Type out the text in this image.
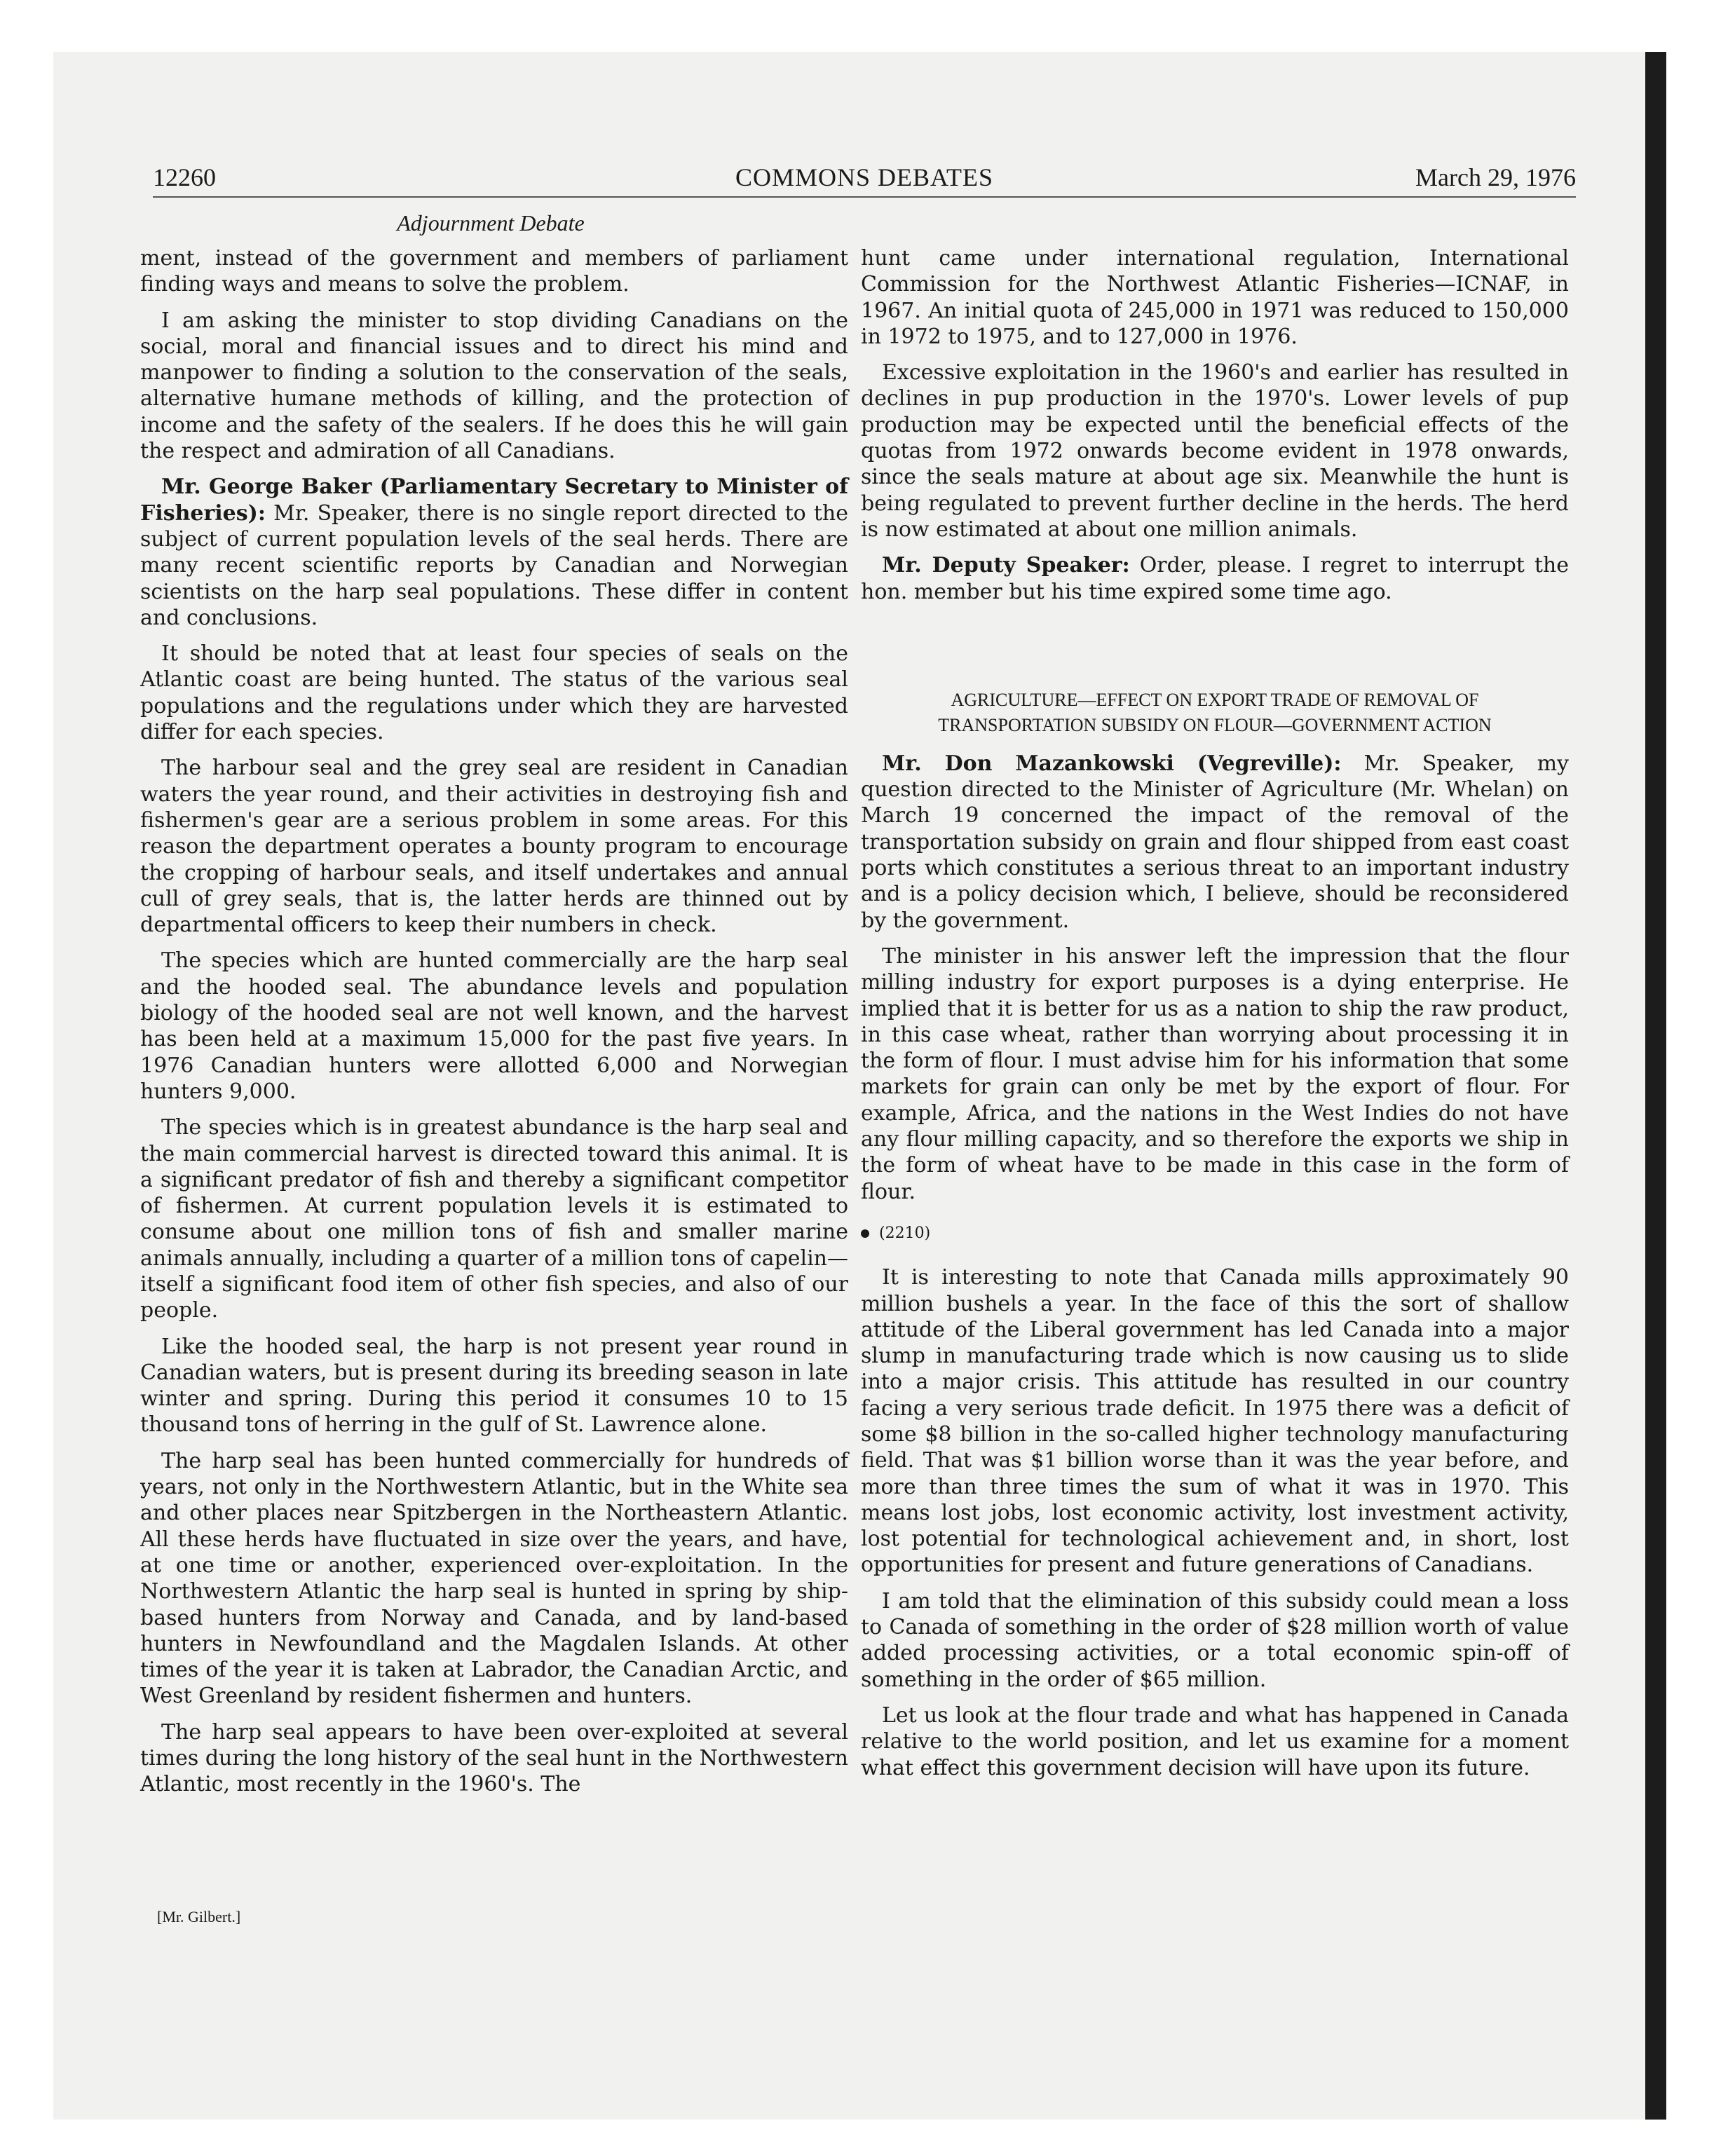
12260	COMMONS DEBATES	March 29, 1976
Adjournment Debate

ment, instead of the government and members of parliament finding ways and means to solve the problem.

I am asking the minister to stop dividing Canadians on the social, moral and financial issues and to direct his mind and manpower to finding a solution to the conservation of the seals, alternative humane methods of killing, and the protection of income and the safety of the sealers. If he does this he will gain the respect and admiration of all Canadians.

Mr. George Baker (Parliamentary Secretary to Minister of Fisheries): Mr. Speaker, there is no single report directed to the subject of current population levels of the seal herds. There are many recent scientific reports by Canadian and Norwegian scientists on the harp seal populations. These differ in content and conclusions.

It should be noted that at least four species of seals on the Atlantic coast are being hunted. The status of the various seal populations and the regulations under which they are harvested differ for each species.

The harbour seal and the grey seal are resident in Canadian waters the year round, and their activities in destroying fish and fishermen's gear are a serious problem in some areas. For this reason the department operates a bounty program to encourage the cropping of harbour seals, and itself undertakes and annual cull of grey seals, that is, the latter herds are thinned out by departmental officers to keep their numbers in check.

The species which are hunted commercially are the harp seal and the hooded seal. The abundance levels and population biology of the hooded seal are not well known, and the harvest has been held at a maximum 15,000 for the past five years. In 1976 Canadian hunters were allotted 6,000 and Norwegian hunters 9,000.

The species which is in greatest abundance is the harp seal and the main commercial harvest is directed toward this animal. It is a significant predator of fish and thereby a significant competitor of fishermen. At current population levels it is estimated to consume about one million tons of fish and smaller marine animals annually, including a quarter of a million tons of capelin—itself a significant food item of other fish species, and also of our people.

Like the hooded seal, the harp is not present year round in Canadian waters, but is present during its breeding season in late winter and spring. During this period it consumes 10 to 15 thousand tons of herring in the gulf of St. Lawrence alone.

The harp seal has been hunted commercially for hundreds of years, not only in the Northwestern Atlantic, but in the White sea and other places near Spitzbergen in the Northeastern Atlantic. All these herds have fluctuated in size over the years, and have, at one time or another, experienced over-exploitation. In the Northwestern Atlantic the harp seal is hunted in spring by ship-based hunters from Norway and Canada, and by land-based hunters in Newfoundland and the Magdalen Islands. At other times of the year it is taken at Labrador, the Canadian Arctic, and West Greenland by resident fishermen and hunters.

The harp seal appears to have been over-exploited at several times during the long history of the seal hunt in the Northwestern Atlantic, most recently in the 1960's. The

hunt came under international regulation, International Commission for the Northwest Atlantic Fisheries—ICNAF, in 1967. An initial quota of 245,000 in 1971 was reduced to 150,000 in 1972 to 1975, and to 127,000 in 1976.

Excessive exploitation in the 1960's and earlier has resulted in declines in pup production in the 1970's. Lower levels of pup production may be expected until the beneficial effects of the quotas from 1972 onwards become evident in 1978 onwards, since the seals mature at about age six. Meanwhile the hunt is being regulated to prevent further decline in the herds. The herd is now estimated at about one million animals.

Mr. Deputy Speaker: Order, please. I regret to interrupt the hon. member but his time expired some time ago.

AGRICULTURE—EFFECT ON EXPORT TRADE OF REMOVAL OF TRANSPORTATION SUBSIDY ON FLOUR—GOVERNMENT ACTION

Mr. Don Mazankowski (Vegreville): Mr. Speaker, my question directed to the Minister of Agriculture (Mr. Whelan) on March 19 concerned the impact of the removal of the transportation subsidy on grain and flour shipped from east coast ports which constitutes a serious threat to an important industry and is a policy decision which, I believe, should be reconsidered by the government.

The minister in his answer left the impression that the flour milling industry for export purposes is a dying enterprise. He implied that it is better for us as a nation to ship the raw product, in this case wheat, rather than worrying about processing it in the form of flour. I must advise him for his information that some markets for grain can only be met by the export of flour. For example, Africa, and the nations in the West Indies do not have any flour milling capacity, and so therefore the exports we ship in the form of wheat have to be made in this case in the form of flour.

(2210)

It is interesting to note that Canada mills approximately 90 million bushels a year. In the face of this the sort of shallow attitude of the Liberal government has led Canada into a major slump in manufacturing trade which is now causing us to slide into a major crisis. This attitude has resulted in our country facing a very serious trade deficit. In 1975 there was a deficit of some $8 billion in the so-called higher technology manufacturing field. That was $1 billion worse than it was the year before, and more than three times the sum of what it was in 1970. This means lost jobs, lost economic activity, lost investment activity, lost potential for technological achievement and, in short, lost opportunities for present and future generations of Canadians.

I am told that the elimination of this subsidy could mean a loss to Canada of something in the order of $28 million worth of value added processing activities, or a total economic spin-off of something in the order of $65 million.

Let us look at the flour trade and what has happened in Canada relative to the world position, and let us examine for a moment what effect this government decision will have upon its future.

[Mr. Gilbert.]
